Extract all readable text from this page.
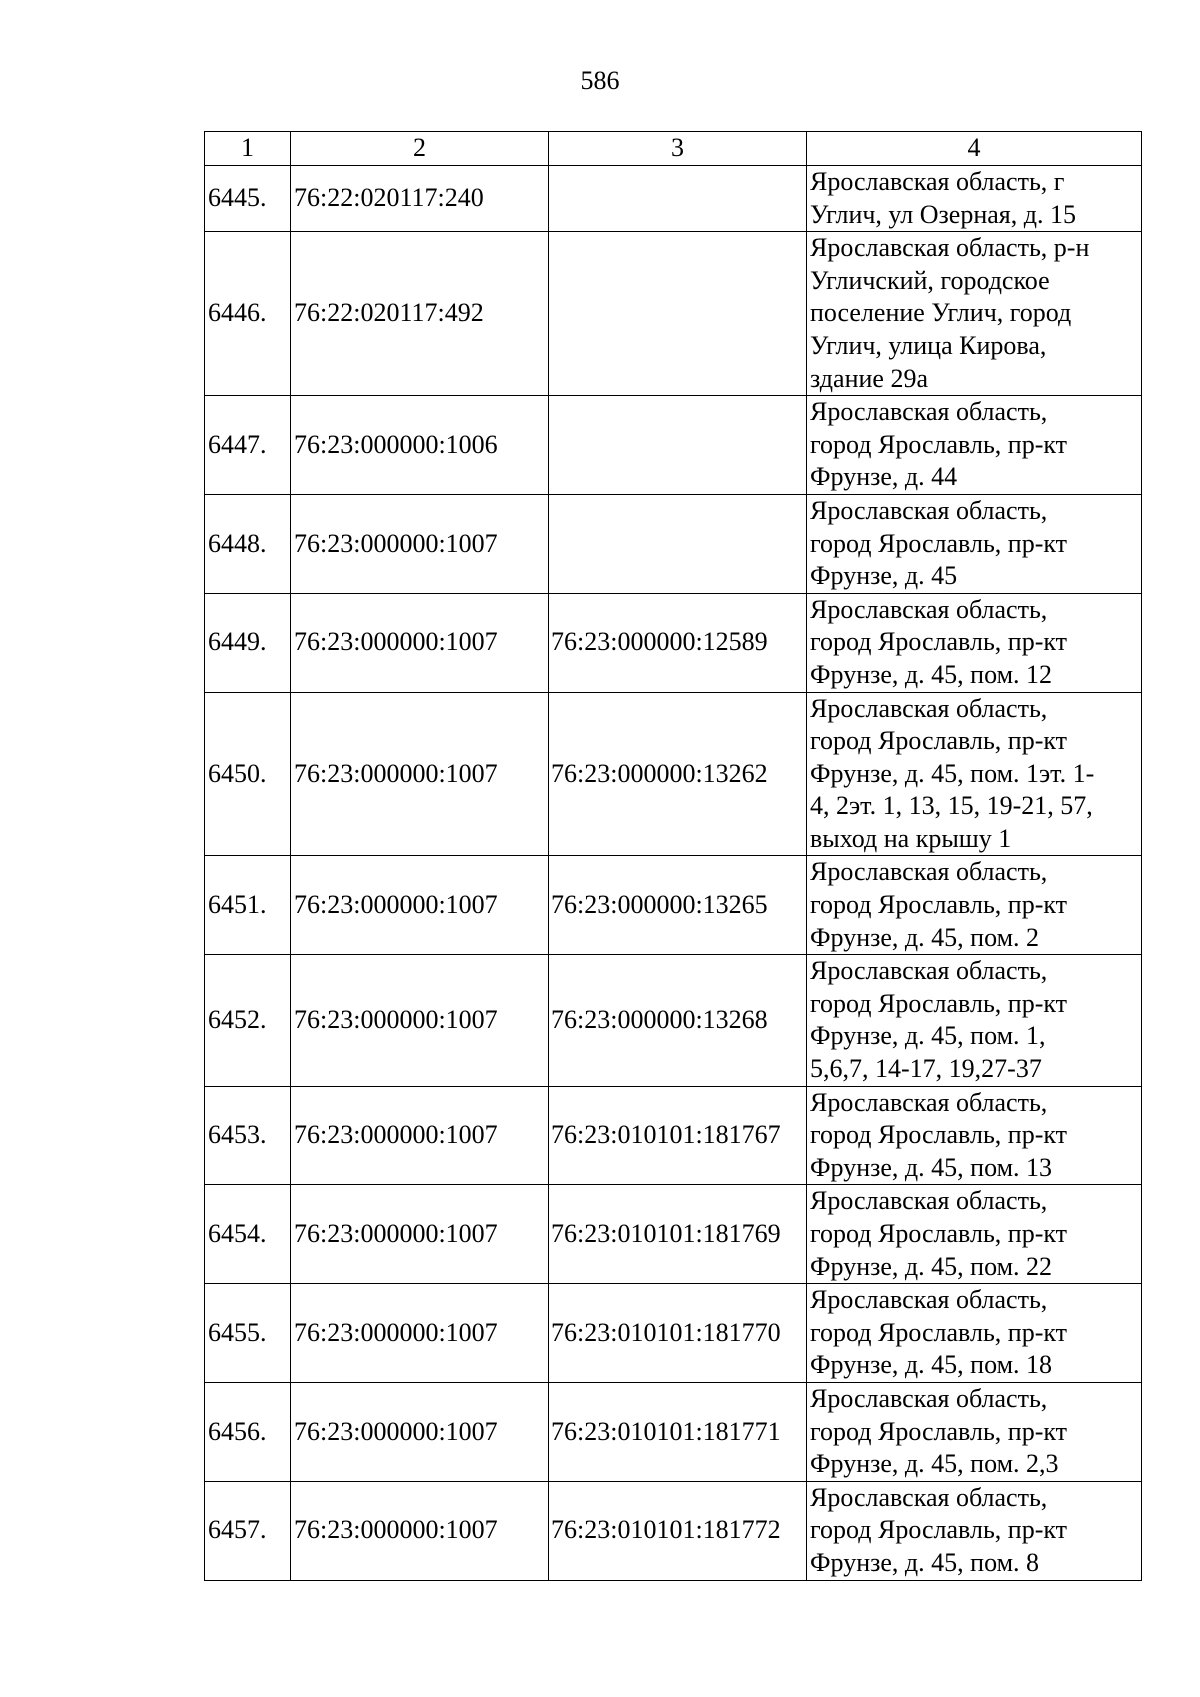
586
1	2	3	4
6445.	76:22:020117:240		Ярославская область, г
Углич, ул Озерная, д. 15

6446.	76:22:020117:492		Ярославская область, р-н
Угличский, городское
поселение Углич, город
Углич, улица Кирова,
здание 29а

6447.	76:23:000000:1006		Ярославская область,
город Ярославль, пр-кт
Фрунзе, д. 44

6448.	76:23:000000:1007		Ярославская область,
город Ярославль, пр-кт
Фрунзе, д. 45

6449.	76:23:000000:1007	76:23:000000:12589	Ярославская область,
город Ярославль, пр-кт
Фрунзе, д. 45, пом. 12

6450.	76:23:000000:1007	76:23:000000:13262	Ярославская область,
город Ярославль, пр-кт
Фрунзе, д. 45, пом. 1эт. 1-
4, 2эт. 1, 13, 15, 19-21, 57,
выход на крышу 1

6451.	76:23:000000:1007	76:23:000000:13265	Ярославская область,
город Ярославль, пр-кт
Фрунзе, д. 45, пом. 2

6452.	76:23:000000:1007	76:23:000000:13268	Ярославская область,
город Ярославль, пр-кт
Фрунзе, д. 45, пом. 1,
5,6,7, 14-17, 19,27-37

6453.	76:23:000000:1007	76:23:010101:181767	Ярославская область,
город Ярославль, пр-кт
Фрунзе, д. 45, пом. 13

6454.	76:23:000000:1007	76:23:010101:181769	Ярославская область,
город Ярославль, пр-кт
Фрунзе, д. 45, пом. 22

6455.	76:23:000000:1007	76:23:010101:181770	Ярославская область,
город Ярославль, пр-кт
Фрунзе, д. 45, пом. 18

6456.	76:23:000000:1007	76:23:010101:181771	Ярославская область,
город Ярославль, пр-кт
Фрунзе, д. 45, пом. 2,3

6457.	76:23:000000:1007	76:23:010101:181772	Ярославская область,
город Ярославль, пр-кт
Фрунзе, д. 45, пом. 8
